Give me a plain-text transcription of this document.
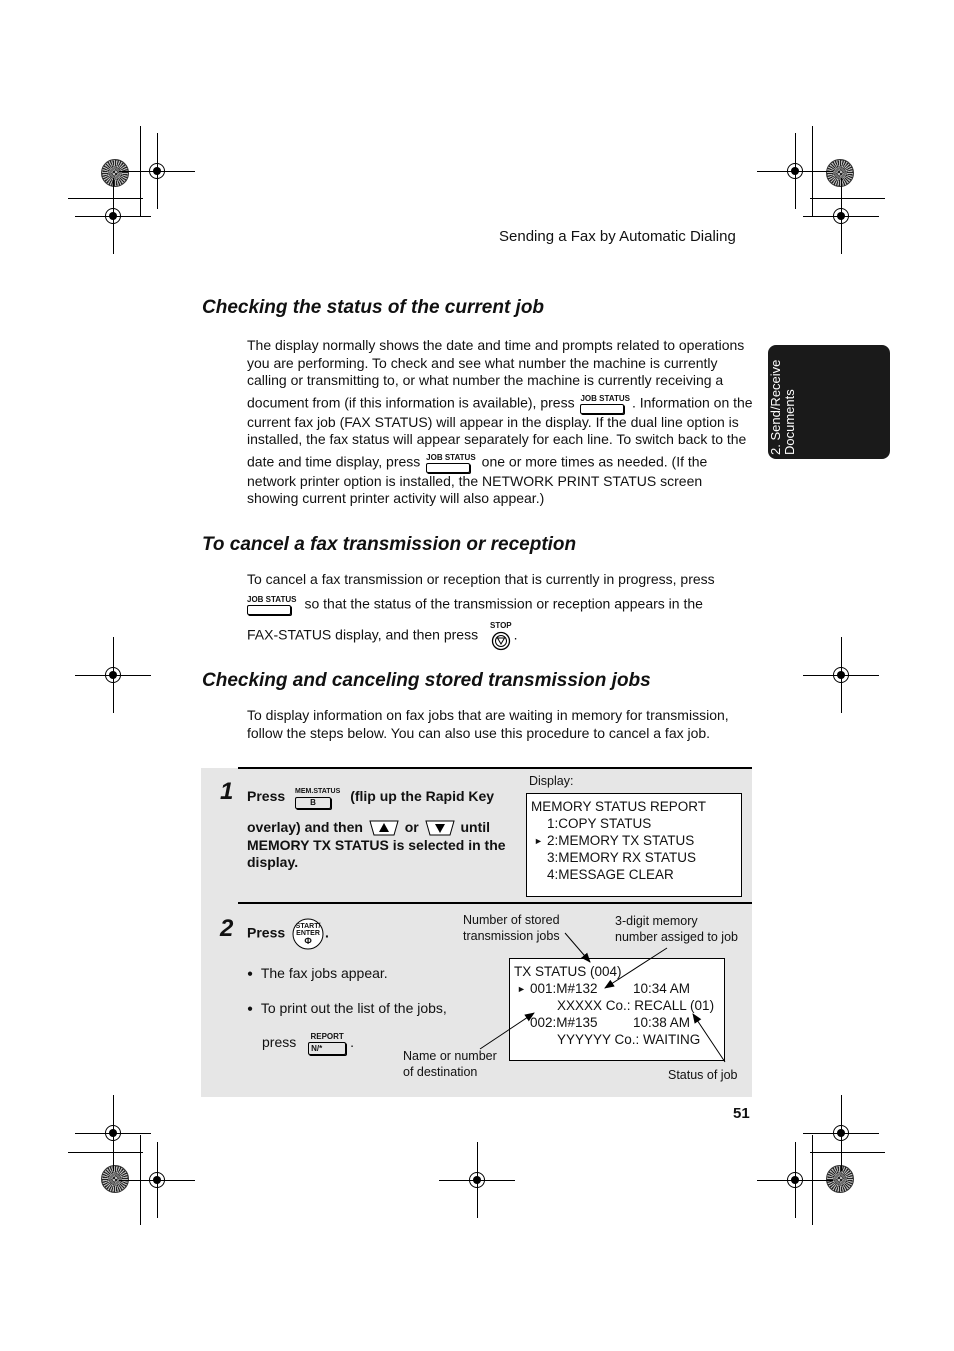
Sending a Fax by Automatic Dialing
2. Send/Receive Documents
Checking the status of the current job
The display normally shows the date and time and prompts related to operations
you are performing. To check and see what number the machine is currently
calling or transmitting to, or what number the machine is currently receiving a
document from (if this information is available), press JOB STATUS . Information on the
current fax job (FAX STATUS) will appear in the display. If the dual line option is
installed, the fax status will appear separately for each line. To switch back to the
date and time display, press JOB STATUS one or more times as needed. (If the
network printer option is installed, the NETWORK PRINT STATUS screen
showing current printer activity will also appear.)
To cancel a fax transmission or reception
To cancel a fax transmission or reception that is currently in progress, press
JOB STATUS so that the status of the transmission or reception appears in the
FAX-STATUS display, and then press STOP
.
Checking and canceling stored transmission jobs
To display information on fax jobs that are waiting in memory for transmission,
follow the steps below. You can also use this procedure to cancel a fax job.
1 Press MEM.STATUS
B	(flip up the Rapid Key
overlay) and then	or	until
MEMORY TX STATUS is selected in the
display.
Display:
MEMORY STATUS REPORT
1:COPY STATUS
► 2:MEMORY TX STATUS
3:MEMORY RX STATUS
4:MESSAGE CLEAR
2 Press	START/
ENTER
Φ
.
● The fax jobs appear.
● To print out the list of the jobs,
press REPORT
N/*	.
Number of stored
transmission jobs
3-digit memory
number assiged to job
Name or number
of destination	Status of job
TX STATUS (004)
► 001:M#132	10:34 AM
XXXXX Co.: RECALL (01)
002:M#135	10:38 AM
YYYYYY Co.: WAITING
51
